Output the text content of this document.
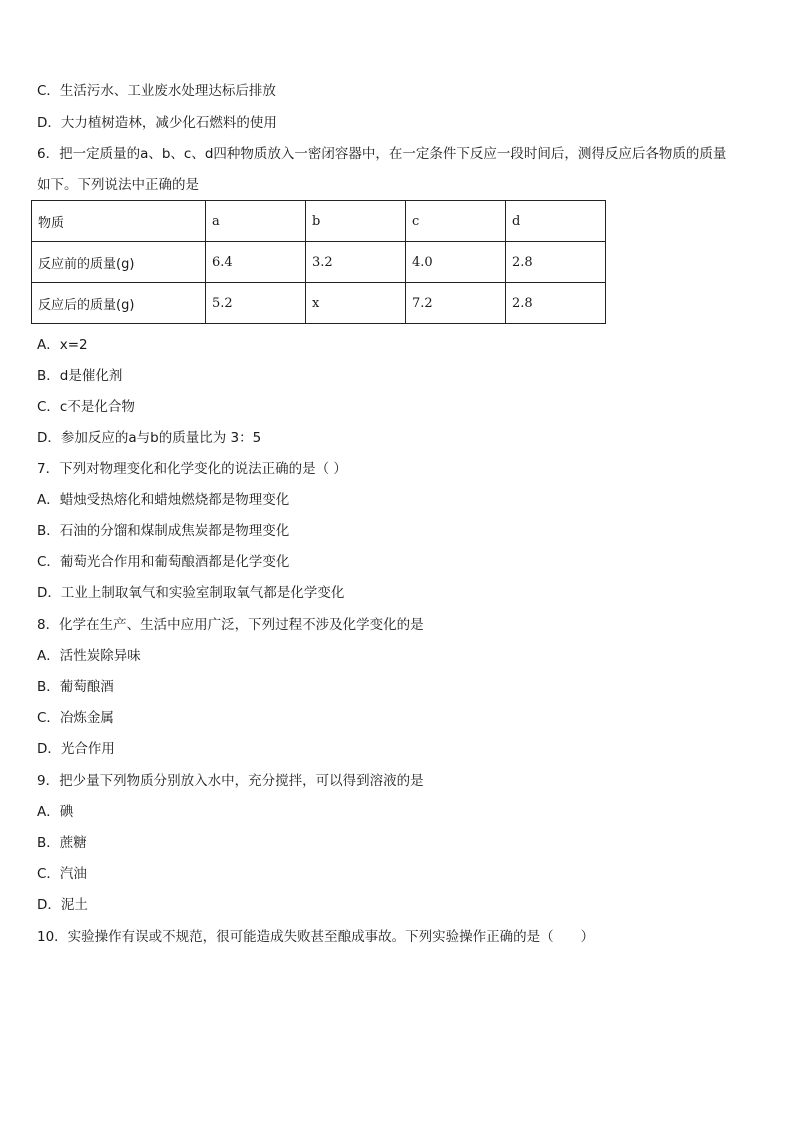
C．生活污水、工业废水处理达标后排放
D．大力植树造林，减少化石燃料的使用
6．把一定质量的a、b、c、d四种物质放入一密闭容器中，在一定条件下反应一段时间后，测得反应后各物质的质量
如下。下列说法中正确的是
物质	a	b	c	d
反应前的质量(g)	6.4	3.2	4.0	2.8
反应后的质量(g)	5.2	x	7.2	2.8
A．x=2
B．d是催化剂
C．c不是化合物
D．参加反应的a与b的质量比为 3：5
7．下列对物理变化和化学变化的说法正确的是（ ）
A．蜡烛受热熔化和蜡烛燃烧都是物理变化
B．石油的分馏和煤制成焦炭都是物理变化
C．葡萄光合作用和葡萄酿酒都是化学变化
D．工业上制取氧气和实验室制取氧气都是化学变化
8．化学在生产、生活中应用广泛，下列过程不涉及化学变化的是
A．活性炭除异味
B．葡萄酿酒
C．冶炼金属
D．光合作用
9．把少量下列物质分别放入水中，充分搅拌，可以得到溶液的是
A．碘
B．蔗糖
C．汽油
D．泥土
10．实验操作有误或不规范，很可能造成失败甚至酿成事故。下列实验操作正确的是（　　）
